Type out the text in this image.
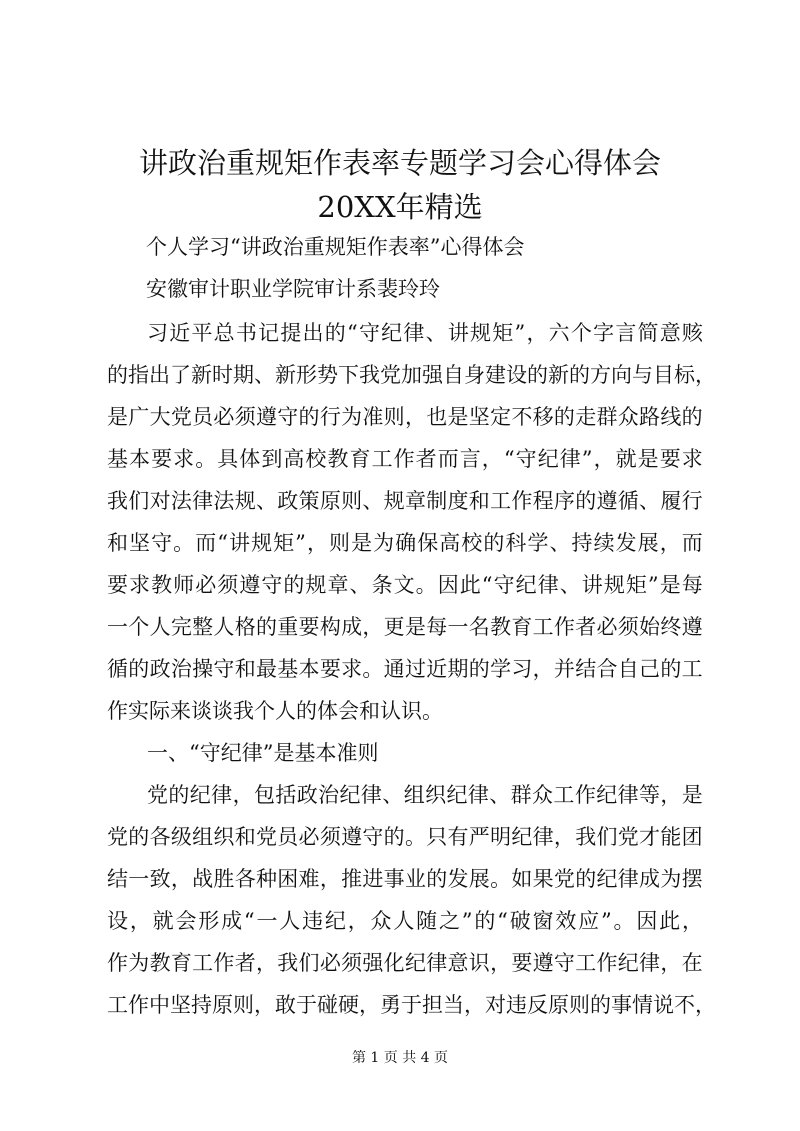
讲政治重规矩作表率专题学习会心得体会
20XX年精选

个人学习“讲政治重规矩作表率”心得体会

安徽审计职业学院审计系裴玲玲

习 近 平 总 书 记 提 出 的 “ 守 纪 律 、 讲 规 矩 ” ， 六 个 字 言 简 意 赅
的 指 出 了 新 时 期 、 新 形 势 下 我 党 加 强 自 身 建 设 的 新 的 方 向 与 目 标 ，
是 广 大 党 员 必 须 遵 守 的 行 为 准 则 ， 也 是 坚 定 不 移 的 走 群 众 路 线 的
基 本 要 求 。 具 体 到 高 校 教 育 工 作 者 而 言 ， “ 守 纪 律 ” ， 就 是 要 求
我 们 对 法 律 法 规 、 政 策 原 则 、 规 章 制 度 和 工 作 程 序 的 遵 循 、 履 行
和 坚 守 。 而 “ 讲 规 矩 ” ， 则 是 为 确 保 高 校 的 科 学 、 持 续 发 展 ， 而
要 求 教 师 必 须 遵 守 的 规 章 、 条 文 。 因 此 “ 守 纪 律 、 讲 规 矩 ” 是 每
一 个 人 完 整 人 格 的 重 要 构 成 ， 更 是 每 一 名 教 育 工 作 者 必 须 始 终 遵
循 的 政 治 操 守 和 最 基 本 要 求 。 通 过 近 期 的 学 习 ， 并 结 合 自 己 的 工
作实际来谈谈我个人的体会和认识。
一、“守纪律”是基本准则
党 的 纪 律 ， 包 括 政 治 纪 律 、 组 织 纪 律 、 群 众 工 作 纪 律 等 ， 是
党 的 各 级 组 织 和 党 员 必 须 遵 守 的 。 只 有 严 明 纪 律 ， 我 们 党 才 能 团
结 一 致 ， 战 胜 各 种 困 难 ， 推 进 事 业 的 发 展 。 如 果 党 的 纪 律 成 为 摆
设 ， 就 会 形 成 “ 一 人 违 纪 ， 众 人 随 之 ” 的 “ 破 窗 效 应 ” 。 因 此 ，
作 为 教 育 工 作 者 ， 我 们 必 须 强 化 纪 律 意 识 ， 要 遵 守 工 作 纪 律 ， 在
工 作 中 坚 持 原 则 ， 敢 于 碰 硬 ， 勇 于 担 当 ， 对 违 反 原 则 的 事 情 说 不 ，
第 1 页 共 4 页
